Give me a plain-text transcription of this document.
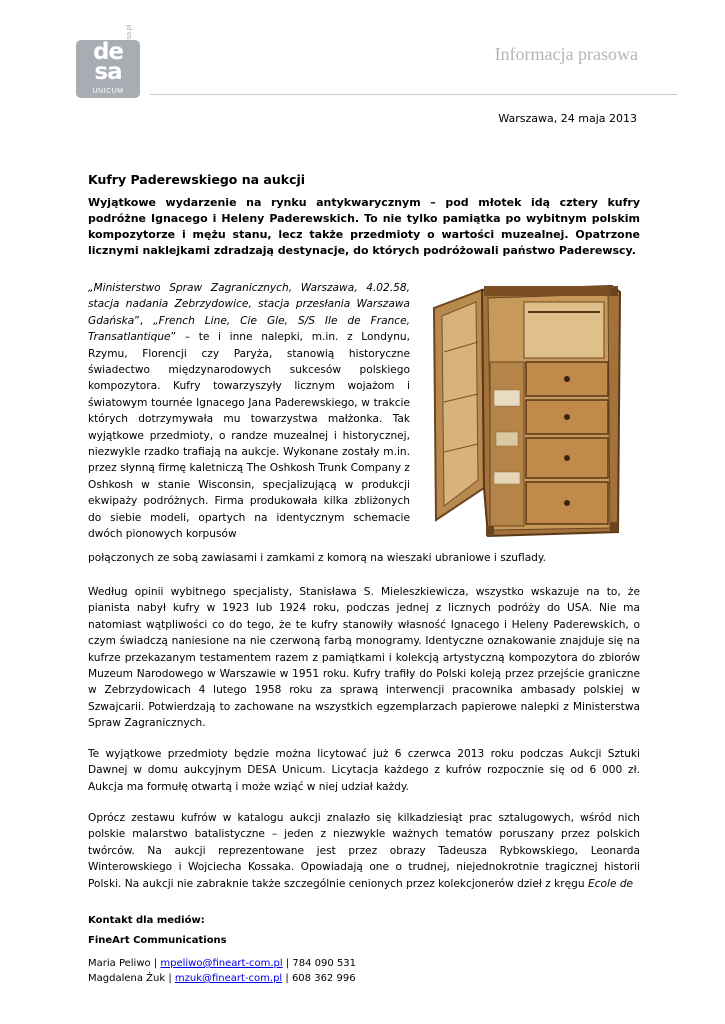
de
sa
UNICUM
www.desa.pl	Informacja prasowa
Warszawa, 24 maja 2013
Kufry Paderewskiego na aukcji
Wyjątkowe wydarzenie na rynku antykwarycznym – pod młotek idą cztery kufry podróżne Ignacego i Heleny Paderewskich. To nie tylko pamiątka po wybitnym polskim kompozytorze i mężu stanu, lecz także przedmioty o wartości muzealnej. Opatrzone licznymi naklejkami zdradzają destynacje, do których podróżowali państwo Paderewscy.
„Ministerstwo Spraw Zagranicznych, Warszawa, 4.02.58, stacja nadania Zebrzydowice, stacja przesłania Warszawa Gdańska”, „French Line, Cie Gle, S/S Ile de France, Transatlantique” – te i inne nalepki, m.in. z Londynu, Rzymu, Florencji czy Paryża, stanowią historyczne świadectwo międzynarodowych sukcesów polskiego kompozytora. Kufry towarzyszyły licznym wojażom i światowym tournée Ignacego Jana Paderewskiego, w trakcie których dotrzymywała mu towarzystwa małżonka. Tak wyjątkowe przedmioty, o randze muzealnej i historycznej, niezwykle rzadko trafiają na aukcje. Wykonane zostały m.in. przez słynną firmę kaletniczą The Oshkosh Trunk Company z Oshkosh w stanie Wisconsin, specjalizującą w produkcji ekwipaży podróżnych. Firma produkowała kilka zbliżonych do siebie modeli, opartych na identycznym schemacie dwóch pionowych korpusów
połączonych ze sobą zawiasami i zamkami z komorą na wieszaki ubraniowe i szuflady.
Według opinii wybitnego specjalisty, Stanisława S. Mieleszkiewicza, wszystko wskazuje na to, że pianista nabył kufry w 1923 lub 1924 roku, podczas jednej z licznych podróży do USA. Nie ma natomiast wątpliwości co do tego, że te kufry stanowiły własność Ignacego i Heleny Paderewskich, o czym świadczą naniesione na nie czerwoną farbą monogramy. Identyczne oznakowanie znajduje się na kufrze przekazanym testamentem razem z pamiątkami i kolekcją artystyczną kompozytora do zbiorów Muzeum Narodowego w Warszawie w 1951 roku. Kufry trafiły do Polski koleją przez przejście graniczne w Zebrzydowicach 4 lutego 1958 roku za sprawą interwencji pracownika ambasady polskiej w Szwajcarii. Potwierdzają to zachowane na wszystkich egzemplarzach papierowe nalepki z Ministerstwa Spraw Zagranicznych.
Te wyjątkowe przedmioty będzie można licytować już 6 czerwca 2013 roku podczas Aukcji Sztuki Dawnej w domu aukcyjnym DESA Unicum. Licytacja każdego z kufrów rozpocznie się od 6 000 zł. Aukcja ma formułę otwartą i może wziąć w niej udział każdy.
Oprócz zestawu kufrów w katalogu aukcji znalazło się kilkadziesiąt prac sztalugowych, wśród nich polskie malarstwo batalistyczne – jeden z niezwykle ważnych tematów poruszany przez polskich twórców. Na aukcji reprezentowane jest przez obrazy Tadeusza Rybkowskiego, Leonarda Winterowskiego i Wojciecha Kossaka. Opowiadają one o trudnej, niejednokrotnie tragicznej historii Polski. Na aukcji nie zabraknie także szczególnie cenionych przez kolekcjonerów dzieł z kręgu Ecole de
Kontakt dla mediów:
FineArt Communications
Maria Peliwo | mpeliwo@fineart-com.pl | 784 090 531
Magdalena Żuk | mzuk@fineart-com.pl | 608 362 996
